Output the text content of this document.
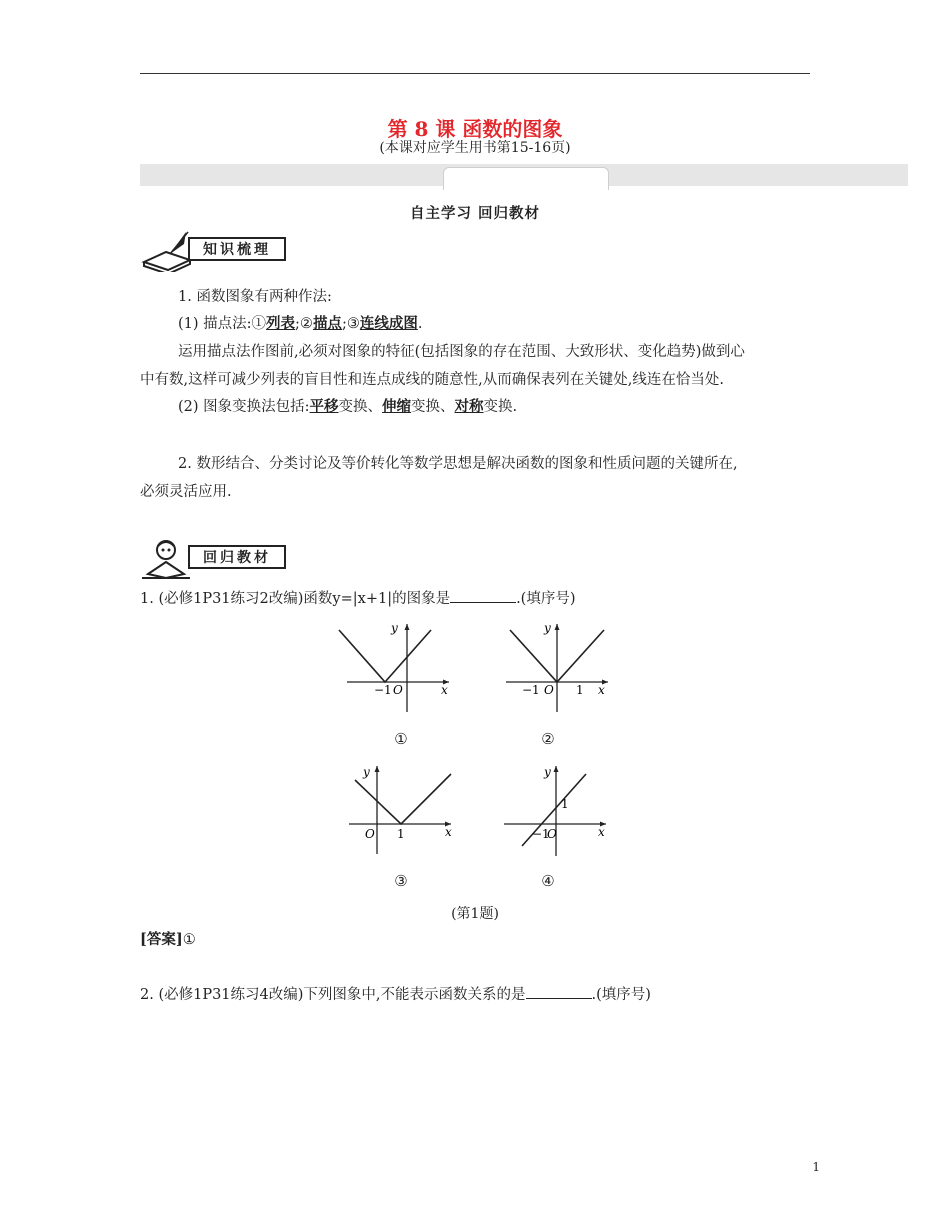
第 8 课 函数的图象
(本课对应学生用书第15-16页)
自主学习 回归教材
知识梳理
1. 函数图象有两种作法:
(1) 描点法:①列表;②描点;③连线成图.
运用描点法作图前,必须对图象的特征(包括图象的存在范围、大致形状、变化趋势)做到心
中有数,这样可减少列表的盲目性和连点成线的随意性,从而确保表列在关键处,线连在恰当处.
(2) 图象变换法包括:平移变换、伸缩变换、对称变换.
2. 数形结合、分类讨论及等价转化等数学思想是解决函数的图象和性质问题的关键所在,
必须灵活应用.
回归教材
1. (必修1P31练习2改编)函数y=|x+1|的图象是	.(填序号)
y
x
−1 O
y
x
−1 O 1
①	②
y
x
O 1
y
x
−1
O
1
③	④
(第1题)
[答案]①
2. (必修1P31练习4改编)下列图象中,不能表示函数关系的是	.(填序号)
1
